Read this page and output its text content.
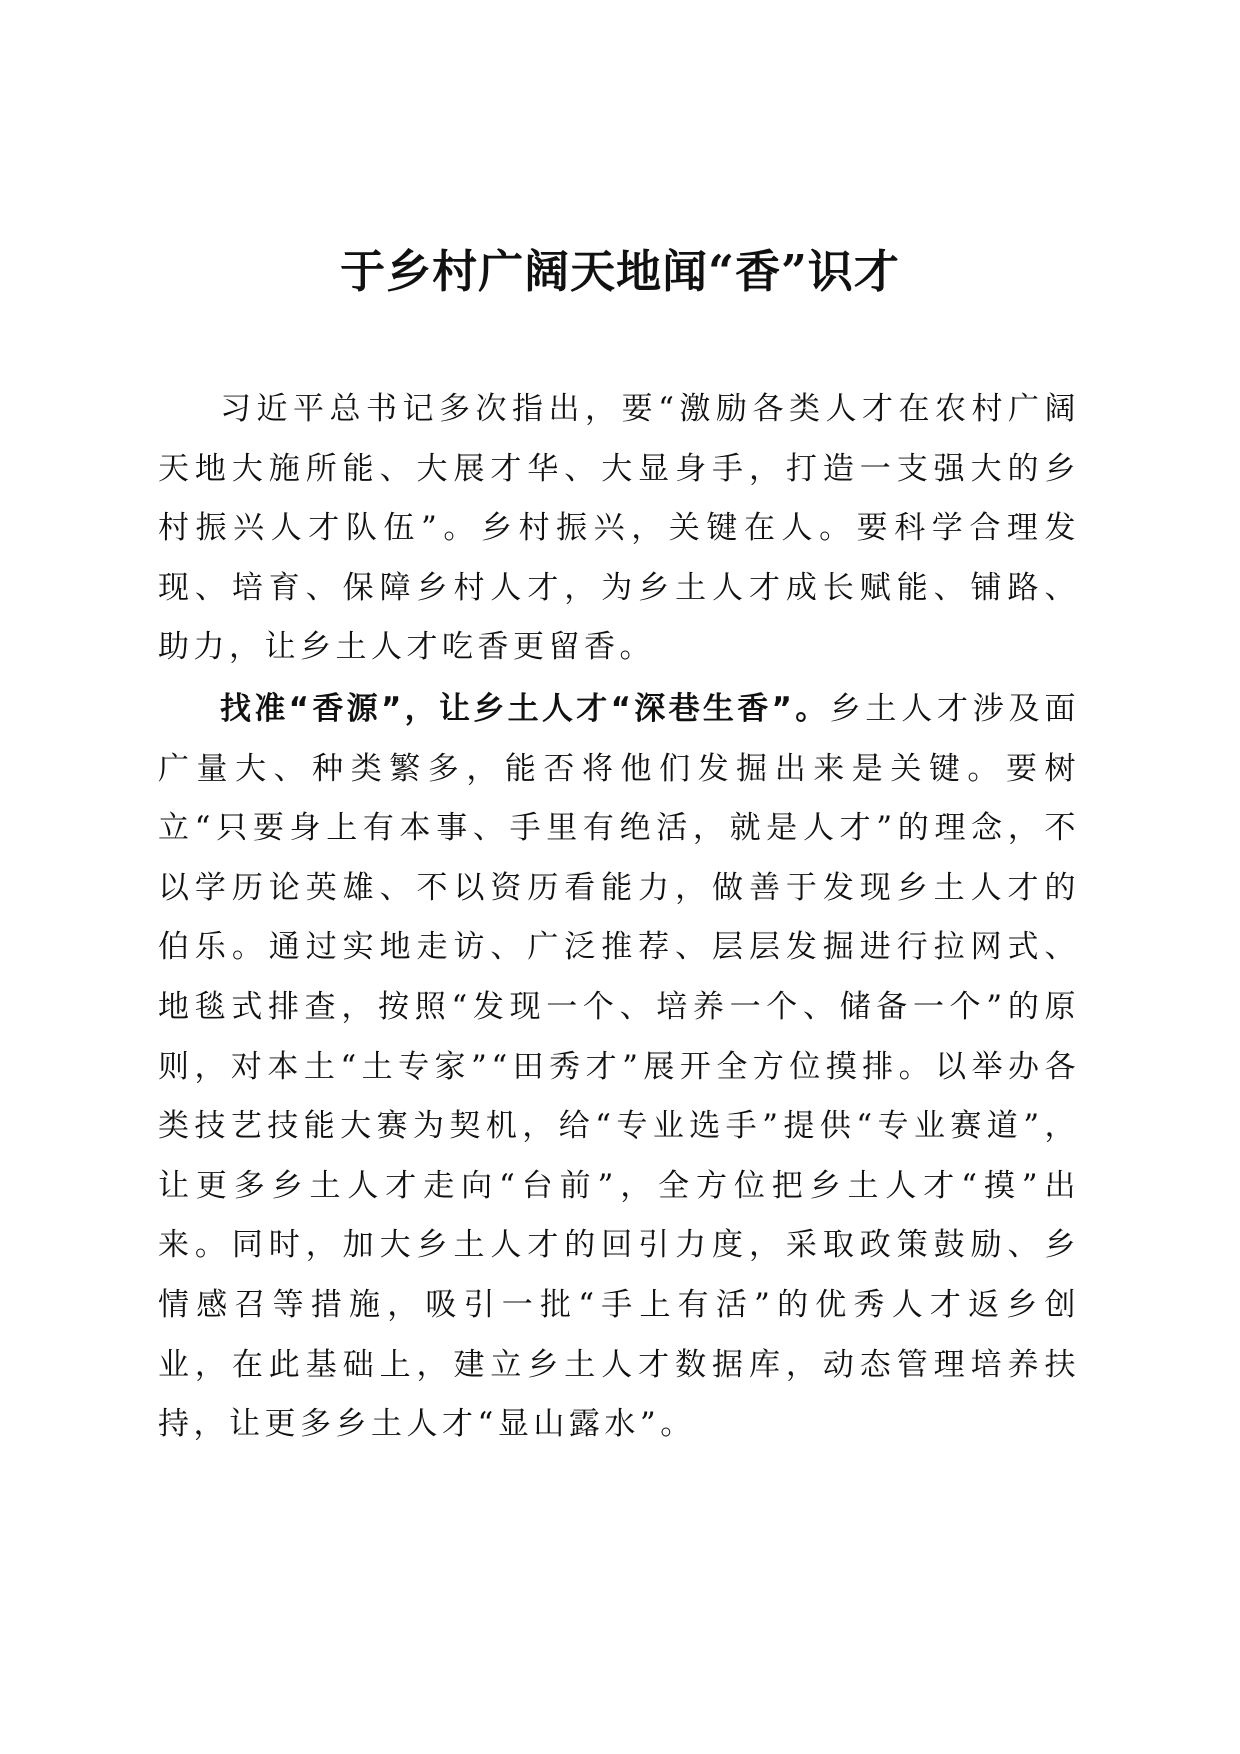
于乡村广阔天地闻“香”识才

习近平总书记多次指出，要“激励各类人才在农村广阔天地大施所能、大展才华、大显身手，打造一支强大的乡村振兴人才队伍”。乡村振兴，关键在人。要科学合理发现、培育、保障乡村人才，为乡土人才成长赋能、铺路、助力，让乡土人才吃香更留香。

找准“香源”，让乡土人才“深巷生香”。乡土人才涉及面广量大、种类繁多，能否将他们发掘出来是关键。要树立“只要身上有本事、手里有绝活，就是人才”的理念，不以学历论英雄、不以资历看能力，做善于发现乡土人才的伯乐。通过实地走访、广泛推荐、层层发掘进行拉网式、地毯式排查，按照“发现一个、培养一个、储备一个”的原则，对本土“土专家”“田秀才”展开全方位摸排。以举办各类技艺技能大赛为契机，给“专业选手”提供“专业赛道”，让更多乡土人才走向“台前”，全方位把乡土人才“摸”出来。同时，加大乡土人才的回引力度，采取政策鼓励、乡情感召等措施，吸引一批“手上有活”的优秀人才返乡创业，在此基础上，建立乡土人才数据库，动态管理培养扶持，让更多乡土人才“显山露水”。
